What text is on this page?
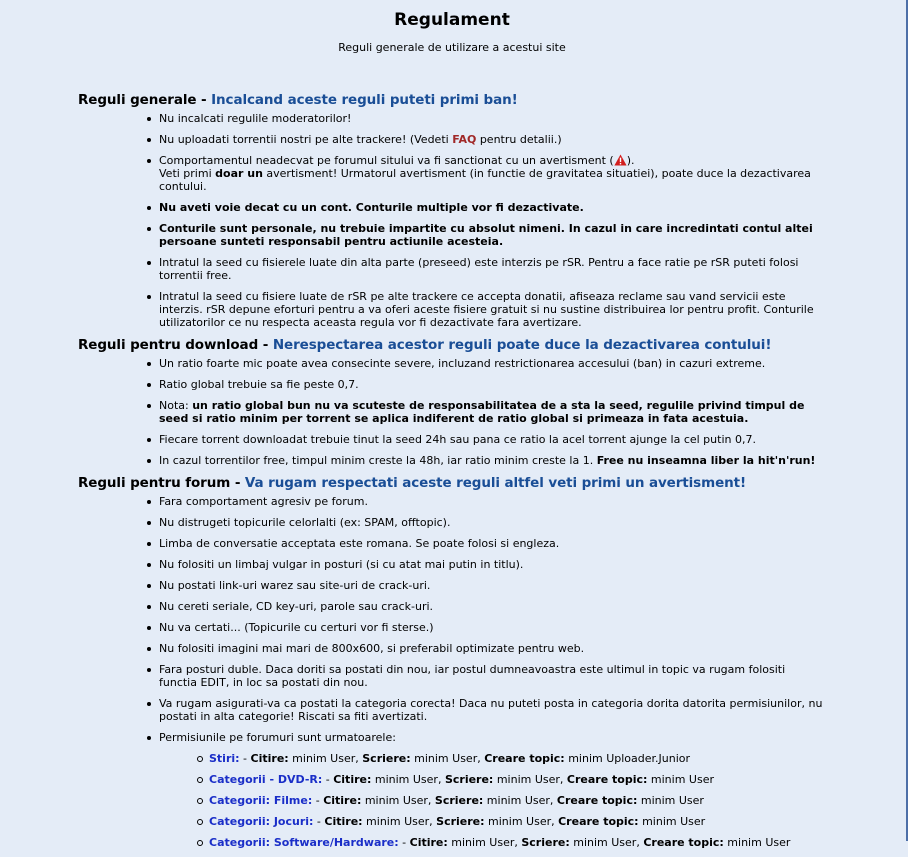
Regulament
Reguli generale de utilizare a acestui site
Reguli generale - Incalcand aceste reguli puteti primi ban!
Nu incalcati regulile moderatorilor!
Nu uploadati torrentii nostri pe alte trackere! (Vedeti FAQ pentru detalii.)
Comportamentul neadecvat pe forumul sitului va fi sanctionat cu un avertisment ( ).
Veti primi doar un avertisment! Urmatorul avertisment (in functie de gravitatea situatiei), poate duce la dezactivarea contului.
Nu aveti voie decat cu un cont. Conturile multiple vor fi dezactivate.
Conturile sunt personale, nu trebuie impartite cu absolut nimeni. In cazul in care incredintati contul altei persoane sunteti responsabil pentru actiunile acesteia.
Intratul la seed cu fisierele luate din alta parte (preseed) este interzis pe rSR. Pentru a face ratie pe rSR puteti folosi torrentii free.
Intratul la seed cu fisiere luate de rSR pe alte trackere ce accepta donatii, afiseaza reclame sau vand servicii este interzis. rSR depune eforturi pentru a va oferi aceste fisiere gratuit si nu sustine distribuirea lor pentru profit. Conturile utilizatorilor ce nu respecta aceasta regula vor fi dezactivate fara avertizare.
Reguli pentru download - Nerespectarea acestor reguli poate duce la dezactivarea contului!
Un ratio foarte mic poate avea consecinte severe, incluzand restrictionarea accesului (ban) in cazuri extreme.
Ratio global trebuie sa fie peste 0,7.
Nota: un ratio global bun nu va scuteste de responsabilitatea de a sta la seed, regulile privind timpul de seed si ratio minim per torrent se aplica indiferent de ratio global si primeaza in fata acestuia.
Fiecare torrent downloadat trebuie tinut la seed 24h sau pana ce ratio la acel torrent ajunge la cel putin 0,7.
In cazul torrentilor free, timpul minim creste la 48h, iar ratio minim creste la 1. Free nu inseamna liber la hit'n'run!
Reguli pentru forum - Va rugam respectati aceste reguli altfel veti primi un avertisment!
Fara comportament agresiv pe forum.
Nu distrugeti topicurile celorlalti (ex: SPAM, offtopic).
Limba de conversatie acceptata este romana. Se poate folosi si engleza.
Nu folositi un limbaj vulgar in posturi (si cu atat mai putin in titlu).
Nu postati link-uri warez sau site-uri de crack-uri.
Nu cereti seriale, CD key-uri, parole sau crack-uri.
Nu va certati... (Topicurile cu certuri vor fi sterse.)
Nu folositi imagini mai mari de 800x600, si preferabil optimizate pentru web.
Fara posturi duble. Daca doriti sa postati din nou, iar postul dumneavoastra este ultimul in topic va rugam folositi functia EDIT, in loc sa postati din nou.
Va rugam asigurati-va ca postati la categoria corecta! Daca nu puteti posta in categoria dorita datorita permisiunilor, nu postati in alta categorie! Riscati sa fiti avertizati.
Permisiunile pe forumuri sunt urmatoarele:
Stiri: - Citire: minim User, Scriere: minim User, Creare topic: minim Uploader.Junior
Categorii - DVD-R: - Citire: minim User, Scriere: minim User, Creare topic: minim User
Categorii: Filme: - Citire: minim User, Scriere: minim User, Creare topic: minim User
Categorii: Jocuri: - Citire: minim User, Scriere: minim User, Creare topic: minim User
Categorii: Software/Hardware: - Citire: minim User, Scriere: minim User, Creare topic: minim User
